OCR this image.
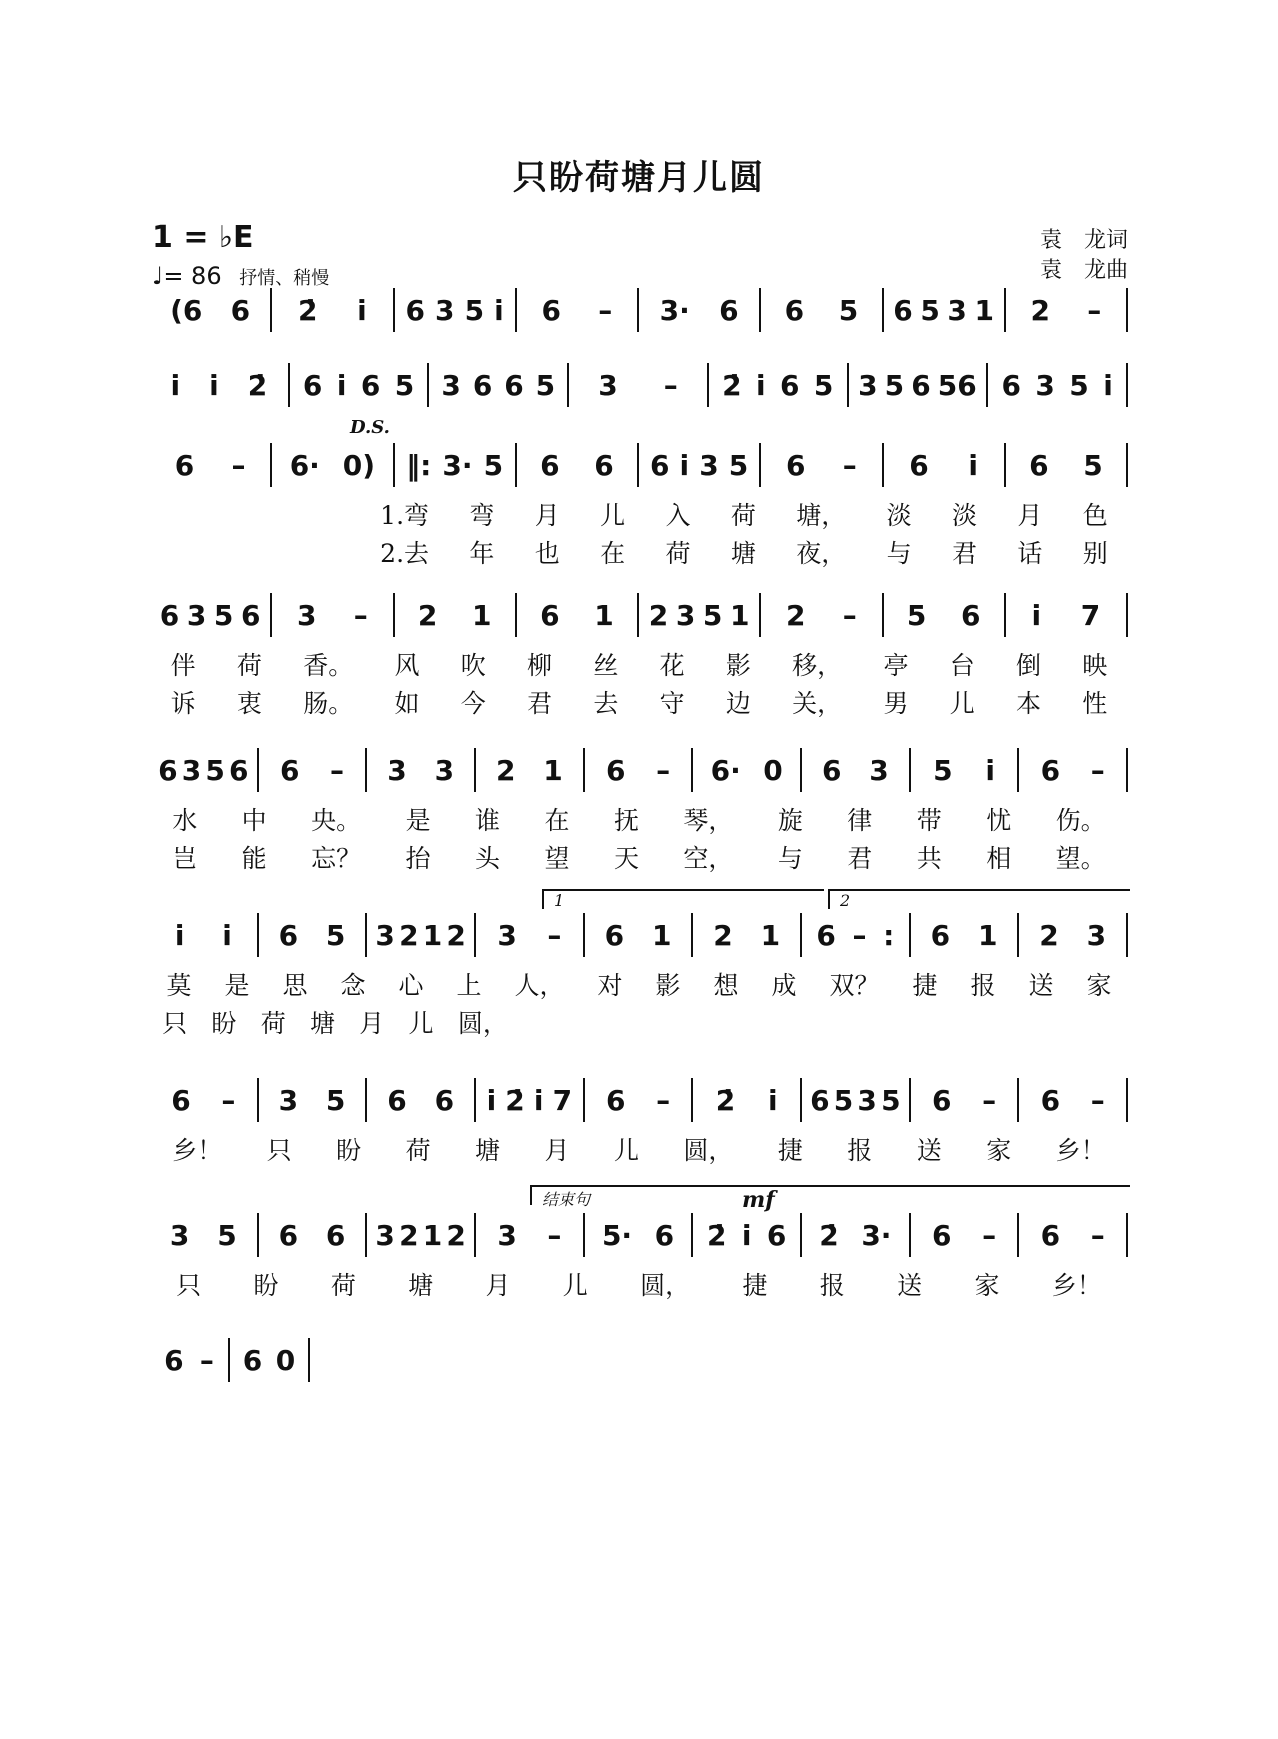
只盼荷塘月儿圆
1 = ♭E
♩= 86 抒情、稍慢
袁　龙词
袁　龙曲
(6 6 2̇ i̇ 6 3 5 i̇ 6 – 3· 6 6 5 6 5 3 1 2 –
i̇ i̇ 2̇ 6 i̇ 6 5 3 6 6 5 3 – 2̇ i̇ 6 5 3 5 6 56 6 3 5 i̇
D.S.
6 – 6· 0) ‖: 3· 5 6 6 6 i̇ 3 5 6 – 6 i̇ 6 5
1.弯 弯 月 儿 入 荷 塘， 淡 淡 月 色
2.去 年 也 在 荷 塘 夜， 与 君 话 别
6 3 5 6 3 – 2 1 6 1 2 3 5 1 2 – 5 6 i̇ 7
伴 荷 香。 风 吹 柳 丝 花 影 移， 亭 台 倒 映
诉 衷 肠。 如 今 君 去 守 边 关， 男 儿 本 性
6 3 5 6 6 – 3 3 2 1 6 – 6· 0 6 3 5 i̇ 6 –
水 中 央。 是 谁 在 抚 琴， 旋 律 带 忧 伤。
岂 能 忘？ 抬 头 望 天 空， 与 君 共 相 望。
1	2
i̇ i̇ 6 5 3 2 1 2 3 – 6 1 2 1 6 – : 6 1 2 3
莫 是 思 念 心 上 人， 对 影 想 成 双？ 捷 报 送 家
只 盼 荷 塘 月 儿 圆，
6 – 3 5 6 6 i̇ 2̇ i̇ 7 6 – 2̇ i̇ 6 5 3 5 6 – 6 –
乡！ 只 盼 荷 塘 月 儿 圆， 捷 报 送 家 乡！
结束句	mf
3 5 6 6 3 2 1 2 3 – 5· 6 2̇ i̇ 6 2̇ 3· 6 – 6 –
只 盼 荷 塘 月 儿 圆， 捷 报 送 家 乡！
6 – 6 0
